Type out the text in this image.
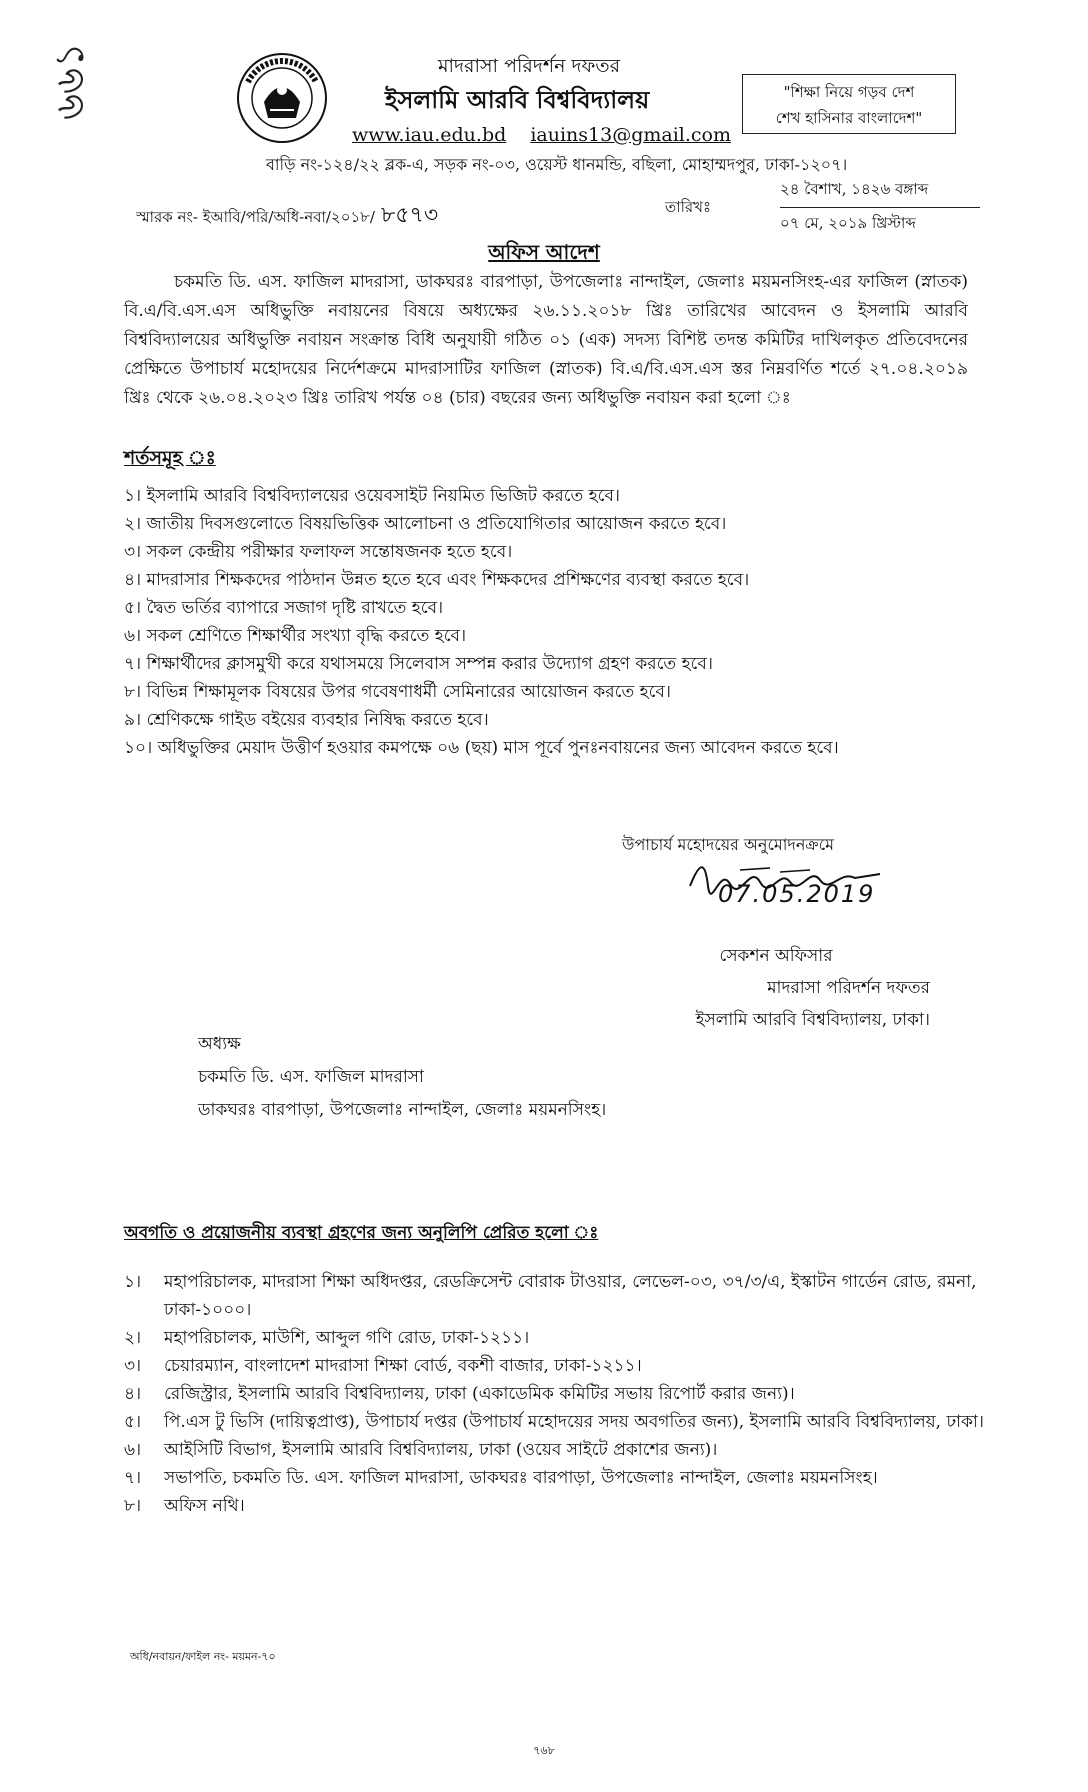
৬৬১	মাদরাসা পরিদর্শন দফতর
ইসলামি আরবি বিশ্ববিদ্যালয়
www.iau.edu.bd iauins13@gmail.com
বাড়ি নং-১২৪/২২ ব্লক-এ, সড়ক নং-০৩, ওয়েস্ট ধানমন্ডি, বছিলা, মোহাম্মদপুর, ঢাকা-১২০৭।
"শিক্ষা নিয়ে গড়ব দেশ
শেখ হাসিনার বাংলাদেশ"
স্মারক নং- ইআবি/পরি/অধি-নবা/২০১৮/ ৮৫৭৩	তারিখঃ
২৪ বৈশাখ, ১৪২৬ বঙ্গাব্দ
০৭ মে, ২০১৯ খ্রিস্টাব্দ
অফিস আদেশ
চকমতি ডি. এস. ফাজিল মাদরাসা, ডাকঘরঃ বারপাড়া, উপজেলাঃ নান্দাইল, জেলাঃ ময়মনসিংহ-এর ফাজিল (স্নাতক) বি.এ/বি.এস.এস অধিভুক্তি নবায়নের বিষয়ে অধ্যক্ষের ২৬.১১.২০১৮ খ্রিঃ তারিখের আবেদন ও ইসলামি আরবি বিশ্ববিদ্যালয়ের অধিভুক্তি নবায়ন সংক্রান্ত বিধি অনুযায়ী গঠিত ০১ (এক) সদস্য বিশিষ্ট তদন্ত কমিটির দাখিলকৃত প্রতিবেদনের প্রেক্ষিতে উপাচার্য মহোদয়ের নির্দেশক্রমে মাদরাসাটির ফাজিল (স্নাতক) বি.এ/বি.এস.এস স্তর নিম্নবর্ণিত শর্তে ২৭.০৪.২০১৯ খ্রিঃ থেকে ২৬.০৪.২০২৩ খ্রিঃ তারিখ পর্যন্ত ০৪ (চার) বছরের জন্য অধিভুক্তি নবায়ন করা হলো ঃ
শর্তসমূহ ঃ
১। ইসলামি আরবি বিশ্ববিদ্যালয়ের ওয়েবসাইট নিয়মিত ভিজিট করতে হবে।
২। জাতীয় দিবসগুলোতে বিষয়ভিত্তিক আলোচনা ও প্রতিযোগিতার আয়োজন করতে হবে।
৩। সকল কেন্দ্রীয় পরীক্ষার ফলাফল সন্তোষজনক হতে হবে।
৪। মাদরাসার শিক্ষকদের পাঠদান উন্নত হতে হবে এবং শিক্ষকদের প্রশিক্ষণের ব্যবস্থা করতে হবে।
৫। দ্বৈত ভর্তির ব্যাপারে সজাগ দৃষ্টি রাখতে হবে।
৬। সকল শ্রেণিতে শিক্ষার্থীর সংখ্যা বৃদ্ধি করতে হবে।
৭। শিক্ষার্থীদের ক্লাসমুখী করে যথাসময়ে সিলেবাস সম্পন্ন করার উদ্যোগ গ্রহণ করতে হবে।
৮। বিভিন্ন শিক্ষামূলক বিষয়ের উপর গবেষণাধর্মী সেমিনারের আয়োজন করতে হবে।
৯। শ্রেণিকক্ষে গাইড বইয়ের ব্যবহার নিষিদ্ধ করতে হবে।
১০। অধিভুক্তির মেয়াদ উত্তীর্ণ হওয়ার কমপক্ষে ০৬ (ছয়) মাস পূর্বে পুনঃনবায়নের জন্য আবেদন করতে হবে।
উপাচার্য মহোদয়ের অনুমোদনক্রমে
07.05.2019
সেকশন অফিসার
মাদরাসা পরিদর্শন দফতর
ইসলামি আরবি বিশ্ববিদ্যালয়, ঢাকা।
অধ্যক্ষ
চকমতি ডি. এস. ফাজিল মাদরাসা
ডাকঘরঃ বারপাড়া, উপজেলাঃ নান্দাইল, জেলাঃ ময়মনসিংহ।
অবগতি ও প্রয়োজনীয় ব্যবস্থা গ্রহণের জন্য অনুলিপি প্রেরিত হলো ঃ
১।	মহাপরিচালক, মাদরাসা শিক্ষা অধিদপ্তর, রেডক্রিসেন্ট বোরাক টাওয়ার, লেভেল-০৩, ৩৭/৩/এ, ইস্কাটন গার্ডেন রোড, রমনা, ঢাকা-১০০০।
২।	মহাপরিচালক, মাউশি, আব্দুল গণি রোড, ঢাকা-১২১১।
৩।	চেয়ারম্যান, বাংলাদেশ মাদরাসা শিক্ষা বোর্ড, বকশী বাজার, ঢাকা-১২১১।
৪।	রেজিস্ট্রার, ইসলামি আরবি বিশ্ববিদ্যালয়, ঢাকা (একাডেমিক কমিটির সভায় রিপোর্ট করার জন্য)।
৫।	পি.এস টু ভিসি (দায়িত্বপ্রাপ্ত), উপাচার্য দপ্তর (উপাচার্য মহোদয়ের সদয় অবগতির জন্য), ইসলামি আরবি বিশ্ববিদ্যালয়, ঢাকা।
৬।	আইসিটি বিভাগ, ইসলামি আরবি বিশ্ববিদ্যালয়, ঢাকা (ওয়েব সাইটে প্রকাশের জন্য)।
৭।	সভাপতি, চকমতি ডি. এস. ফাজিল মাদরাসা, ডাকঘরঃ বারপাড়া, উপজেলাঃ নান্দাইল, জেলাঃ ময়মনসিংহ।
৮।	অফিস নথি।
অধি/নবায়ন/ফাইল নং- ময়মন-৭০
৭৬৮
